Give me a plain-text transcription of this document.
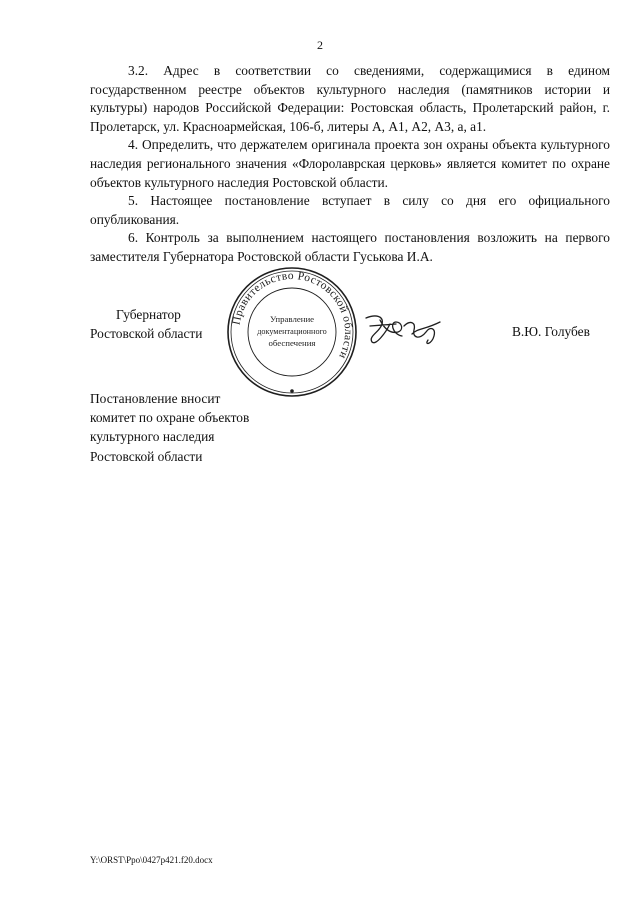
2

3.2. Адрес в соответствии со сведениями, содержащимися в едином государственном реестре объектов культурного наследия (памятников истории и культуры) народов Российской Федерации: Ростовская область, Пролетарский район, г. Пролетарск, ул. Красноармейская, 106-б, литеры А, А1, А2, А3, а, а1.

4. Определить, что держателем оригинала проекта зон охраны объекта культурного наследия регионального значения «Флоролаврская церковь» является комитет по охране объектов культурного наследия Ростовской области.

5. Настоящее постановление вступает в силу со дня его официального опубликования.

6. Контроль за выполнением настоящего постановления возложить на первого заместителя Губернатора Ростовской области Гуськова И.А.

Губернатор
Ростовской области
Правительство Ростовской области
Управление
документационного
обеспечения
В.Ю. Голубев
Постановление вносит
комитет по охране объектов
культурного наследия
Ростовской области
Y:\ORST\Ppo\0427p421.f20.docx
